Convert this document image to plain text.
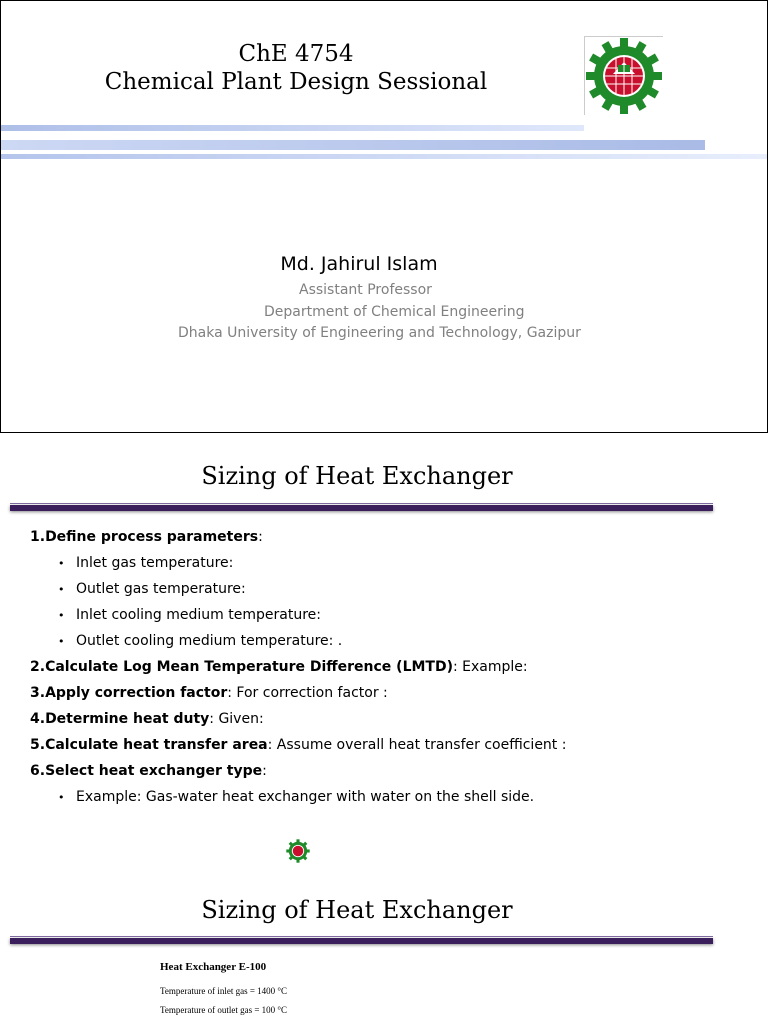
ChE 4754
Chemical Plant Design Sessional
Md. Jahirul Islam
Assistant Professor
Department of Chemical Engineering
Dhaka University of Engineering and Technology, Gazipur
Sizing of Heat Exchanger
1.Define process parameters:
• Inlet gas temperature:
• Outlet gas temperature:
• Inlet cooling medium temperature:
• Outlet cooling medium temperature: .
2.Calculate Log Mean Temperature Difference (LMTD): Example:
3.Apply correction factor: For correction factor :
4.Determine heat duty: Given:
5.Calculate heat transfer area: Assume overall heat transfer coefficient :
6.Select heat exchanger type:
• Example: Gas-water heat exchanger with water on the shell side.
Sizing of Heat Exchanger
Heat Exchanger E-100
Temperature of inlet gas = 1400 °C
Temperature of outlet gas = 100 °C
